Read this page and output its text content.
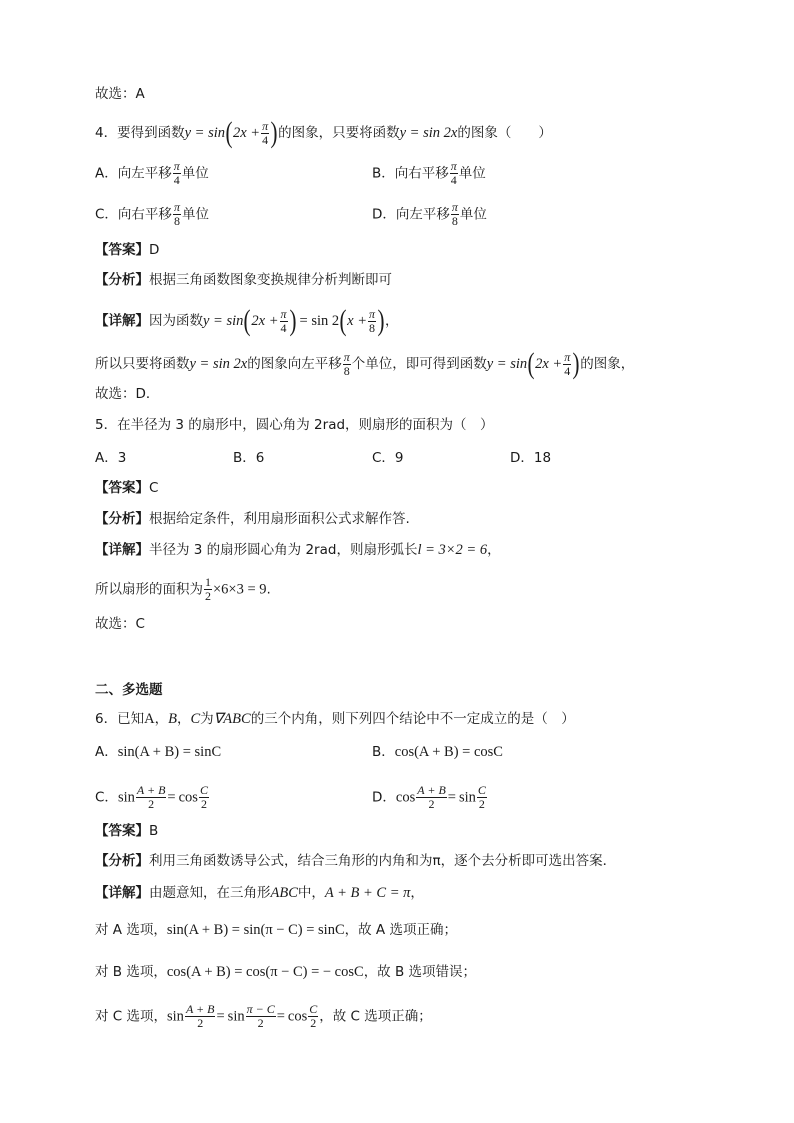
故选：A
4．要得到函数$y = \sin(2x + \frac{\pi}{4}$ )的图象，只要将函数y = sin 2x的图象（　　）
A．向左平移 $\frac{\pi}{4}$ 单位	B．向右平移 $\frac{\pi}{4}$ 单位
C．向右平移 $\frac{\pi}{8}$ 单位	D．向左平移 $\frac{\pi}{8}$ 单位
【答案】D
【分析】根据三角函数图象变换规律分析判断即可
【详解】因为函数$y = \sin(2x + \frac{\pi}{4}$ ) = $\sin 2(x + \frac{\pi}{8}$ )，
所以只要将函数y = sin 2x的图象向左平移 $\frac{\pi}{8}$ 个单位，即可得到函数$y = \sin(2x + \frac{\pi}{4}$ )的图象，
故选：D．
5．在半径为 3 的扇形中，圆心角为 2rad，则扇形的面积为（　）
A．3	B．6	C．9	D．18
【答案】C
【分析】根据给定条件，利用扇形面积公式求解作答.
【详解】半径为 3 的扇形圆心角为 2rad，则扇形弧长l = 3×2 = 6，
所以扇形的面积为 $\frac{1}{2} \times 6\times 3 = 9$.
故选：C
二、多选题
6．已知A，B，C为∇ABC的三个内角，则下列四个结论中不一定成立的是（　）
A．sin(A + B) = sinC	B．cos(A + B) = cosC
C．$\sin \frac{A + B}{2} = \cos \frac{C}{2}$	D．$\cos \frac{A + B}{2} = \sin \frac{C}{2}$
【答案】B
【分析】利用三角函数诱导公式，结合三角形的内角和为π，逐个去分析即可选出答案．
【详解】由题意知，在三角形ABC中，A + B + C = π，
对 A 选项，sin(A + B) = sin(π − C) = sinC，故 A 选项正确；
对 B 选项，cos(A + B) = cos(π − C) = − cosC，故 B 选项错误；
对 C 选项，$\sin \frac{A + B}{2} = \sin \frac{\pi - C}{2} = \cos \frac{C}{2}$ ，故 C 选项正确；
